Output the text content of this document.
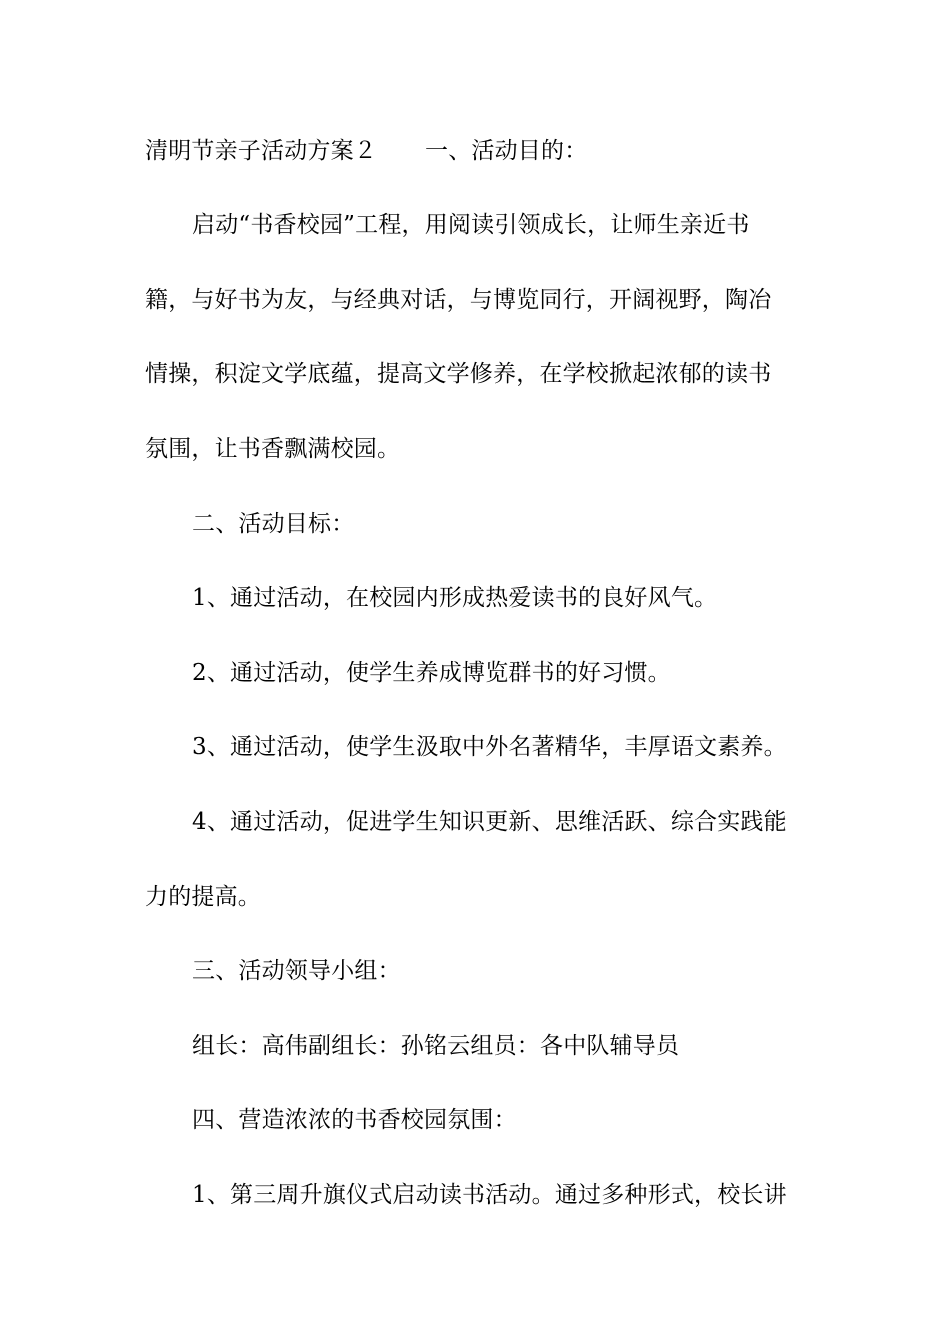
清明节亲子活动方案２ 一、活动目的：
启动“书香校园”工程，用阅读引领成长，让师生亲近书
籍，与好书为友，与经典对话，与博览同行，开阔视野，陶冶
情操，积淀文学底蕴，提高文学修养，在学校掀起浓郁的读书
氛围，让书香飘满校园。
二、活动目标：
1、通过活动，在校园内形成热爱读书的良好风气。
2、通过活动，使学生养成博览群书的好习惯。
3、通过活动，使学生汲取中外名著精华，丰厚语文素养。
4、通过活动，促进学生知识更新、思维活跃、综合实践能
力的提高。
三、活动领导小组：
组长：高伟副组长：孙铭云组员：各中队辅导员
四、营造浓浓的书香校园氛围：
1、第三周升旗仪式启动读书活动。通过多种形式，校长讲
